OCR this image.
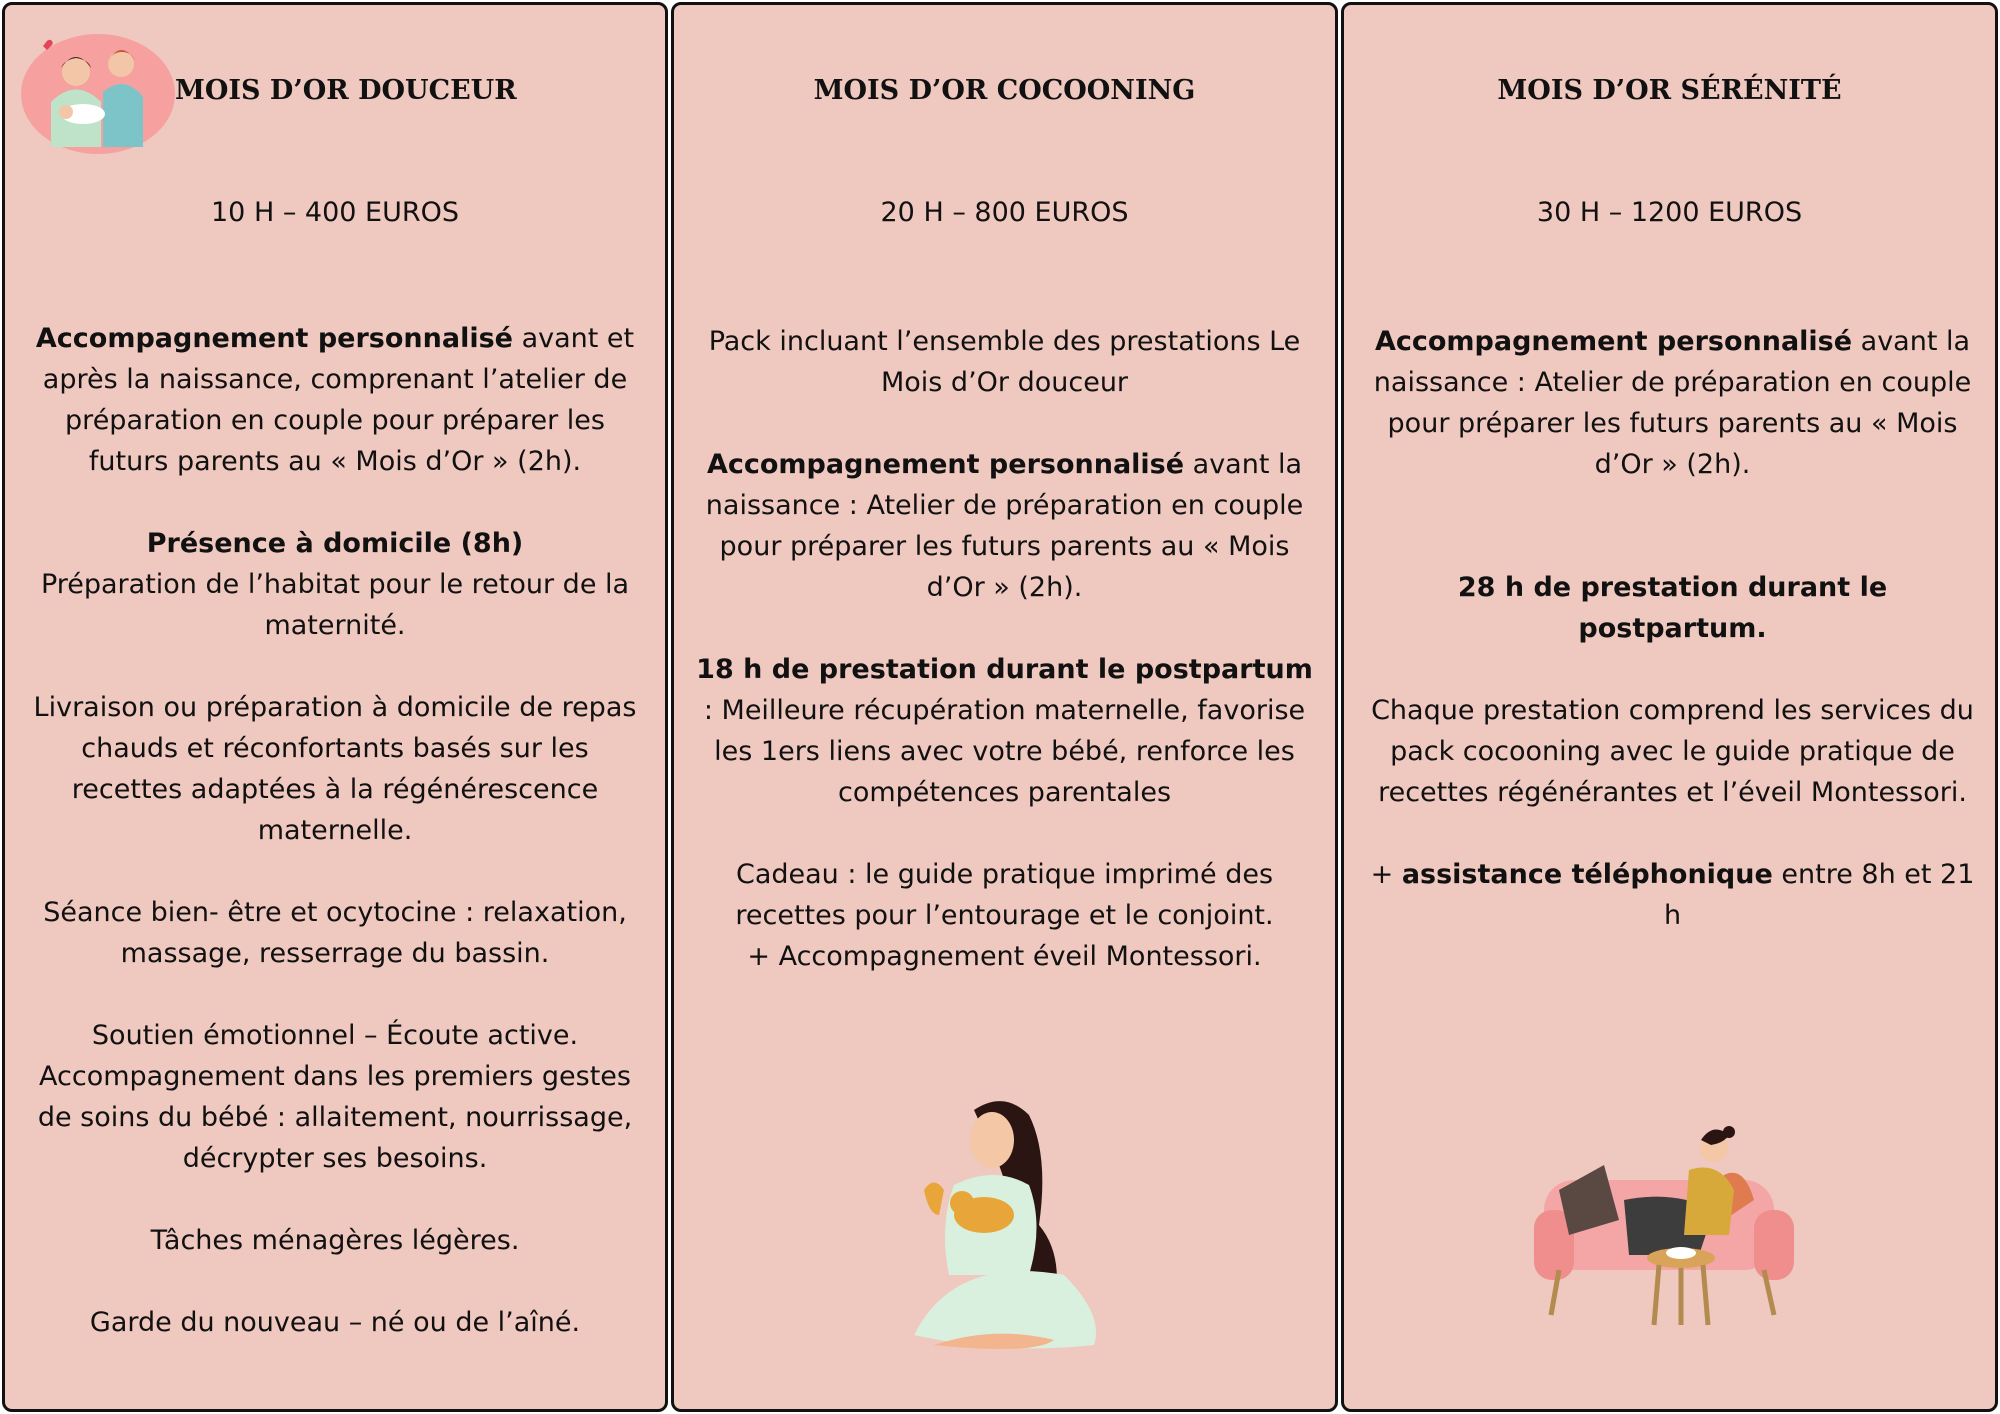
MOIS D’OR DOUCEUR
10 H – 400 EUROS

Accompagnement personnalisé avant et après la naissance, comprenant l’atelier de préparation en couple pour préparer les futurs parents au « Mois d’Or » (2h).

Présence à domicile (8h)
Préparation de l’habitat pour le retour de la maternité.

Livraison ou préparation à domicile de repas chauds et réconfortants basés sur les recettes adaptées à la régénérescence maternelle.

Séance bien- être et ocytocine : relaxation, massage, resserrage du bassin.

Soutien émotionnel – Écoute active.
Accompagnement dans les premiers gestes de soins du bébé : allaitement, nourrissage, décrypter ses besoins.

Tâches ménagères légères.

Garde du nouveau – né ou de l’aîné.

MOIS D’OR COCOONING
20 H – 800 EUROS

Pack incluant l’ensemble des prestations Le Mois d’Or douceur

Accompagnement personnalisé avant la naissance : Atelier de préparation en couple pour préparer les futurs parents au « Mois d’Or » (2h).

18 h de prestation durant le postpartum : Meilleure récupération maternelle, favorise les 1ers liens avec votre bébé, renforce les compétences parentales

Cadeau : le guide pratique imprimé des recettes pour l’entourage et le conjoint.
+ Accompagnement éveil Montessori.

MOIS D’OR SÉRÉNITÉ
30 H – 1200 EUROS

Accompagnement personnalisé avant la naissance : Atelier de préparation en couple pour préparer les futurs parents au « Mois d’Or » (2h).

28 h de prestation durant le postpartum.

Chaque prestation comprend les services du pack cocooning avec le guide pratique de recettes régénérantes et l’éveil Montessori.

+ assistance téléphonique entre 8h et 21 h
